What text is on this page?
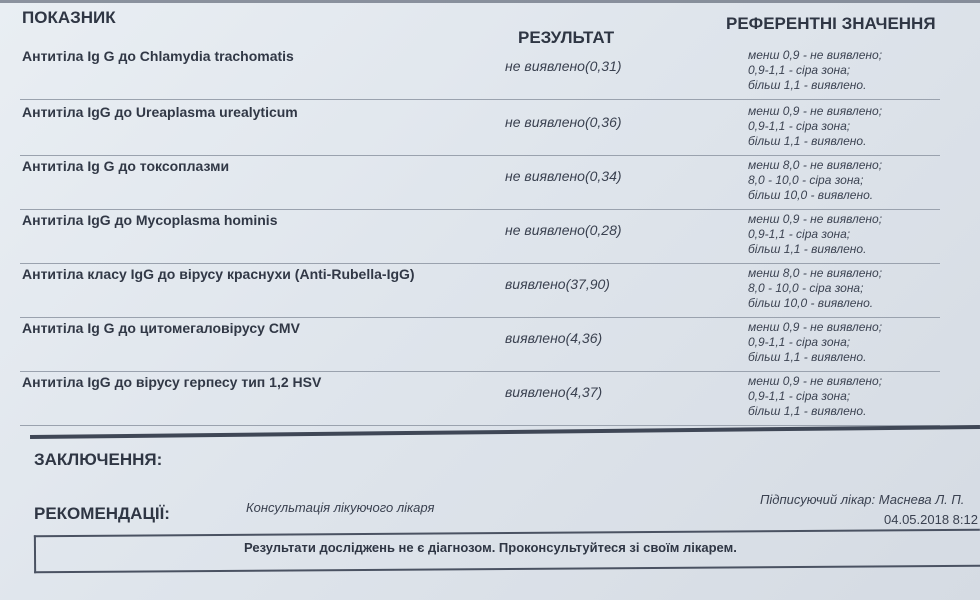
ПОКАЗНИК
РЕЗУЛЬТАТ
РЕФЕРЕНТНІ ЗНАЧЕННЯ
Антитіла Ig G до Chlamydia trachomatis
не виявлено(0,31)
менш 0,9 - не виявлено;
0,9-1,1 - сіра зона;
більш 1,1 - виявлено.
Антитіла IgG до Ureaplasma urealyticum
не виявлено(0,36)
менш 0,9 - не виявлено;
0,9-1,1 - сіра зона;
більш 1,1 - виявлено.
Антитіла Ig G до токсоплазми
не виявлено(0,34)
менш 8,0 - не виявлено;
8,0 - 10,0 - сіра зона;
більш 10,0 - виявлено.
Антитіла IgG до Mycoplasma hominis
не виявлено(0,28)
менш 0,9 - не виявлено;
0,9-1,1 - сіра зона;
більш 1,1 - виявлено.
Антитіла класу IgG до вірусу краснухи (Anti-Rubella-IgG)
виявлено(37,90)
менш 8,0 - не виявлено;
8,0 - 10,0 - сіра зона;
більш 10,0 - виявлено.
Антитіла Ig G до цитомегаловірусу CMV
виявлено(4,36)
менш 0,9 - не виявлено;
0,9-1,1 - сіра зона;
більш 1,1 - виявлено.
Антитіла IgG до вірусу герпесу тип 1,2 HSV
виявлено(4,37)
менш 0,9 - не виявлено;
0,9-1,1 - сіра зона;
більш 1,1 - виявлено.
ЗАКЛЮЧЕННЯ:
РЕКОМЕНДАЦІЇ:	Консультація лікуючого лікаря
Підписуючий лікар: Маснева Л. П.
04.05.2018 8:12
Результати досліджень не є діагнозом. Проконсультуйтеся зі своїм лікарем.
